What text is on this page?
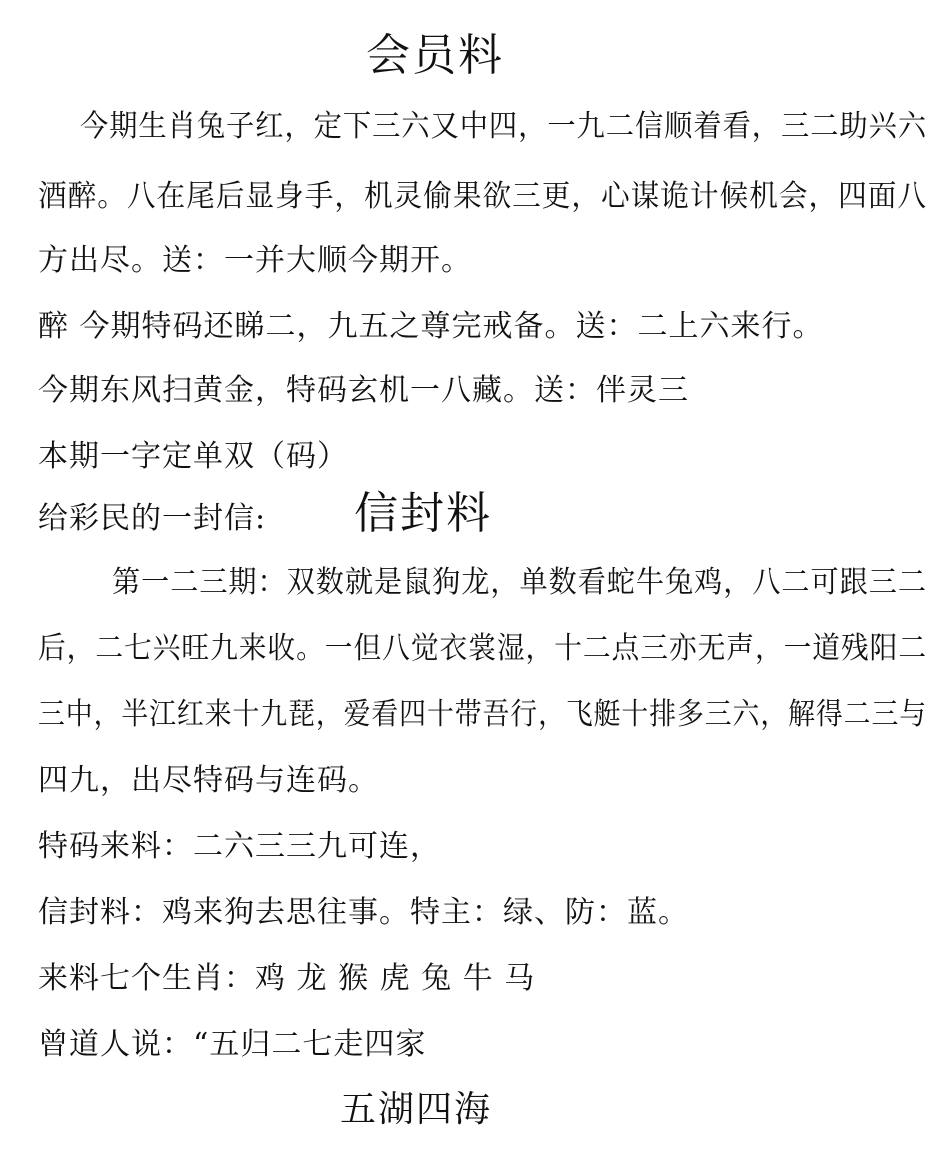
会员料
今期生肖兔子红，定下三六又中四，一九二信顺着看，三二助兴六
酒醉。八在尾后显身手，机灵偷果欲三更，心谋诡计候机会，四面八
方出尽。送：一并大顺今期开。
醉 今期特码还睇二，九五之尊完戒备。送：二上六来行。
今期东风扫黄金，特码玄机一八藏。送：伴灵三
本期一字定单双（码）
给彩民的一封信: 信封料
第一二三期：双数就是鼠狗龙，单数看蛇牛兔鸡，八二可跟三二
后，二七兴旺九来收。一但八觉衣裳湿，十二点三亦无声，一道残阳二
三中，半江红来十九琵，爱看四十带吾行，飞艇十排多三六，解得二三与
四九，出尽特码与连码。
特码来料：二六三三九可连，
信封料：鸡来狗去思往事。特主：绿、防：蓝。
来料七个生肖：鸡 龙 猴 虎 兔 牛 马
曾道人说：“五归二七走四家
五湖四海
